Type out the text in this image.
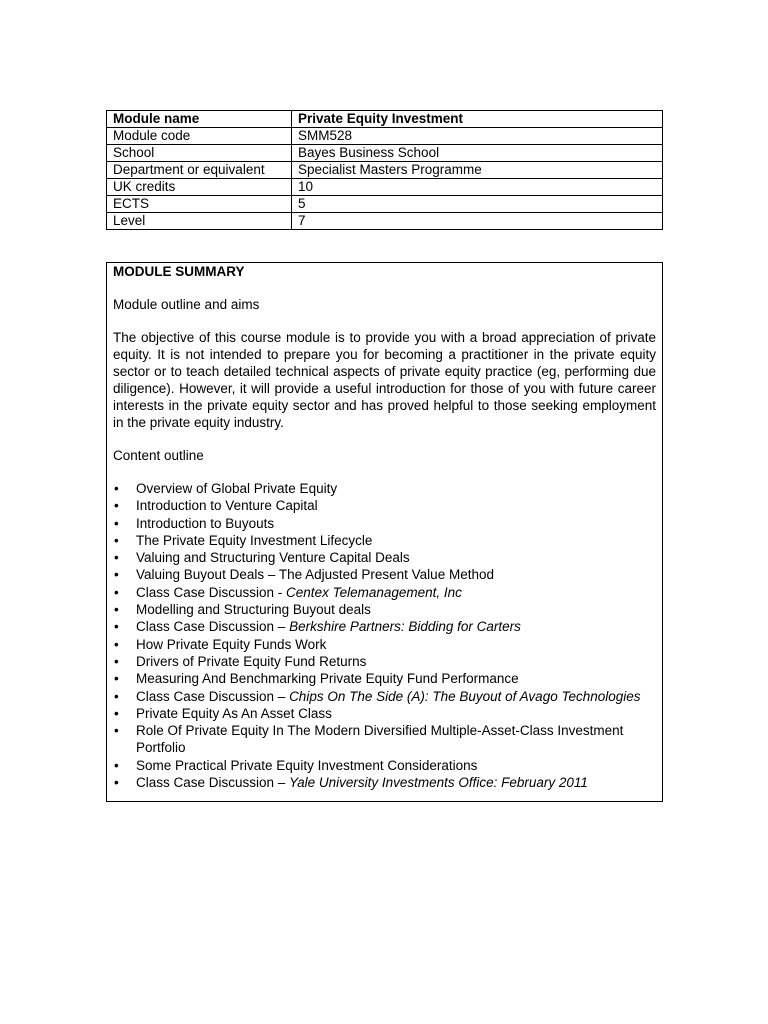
Module name	Private Equity Investment
Module code	SMM528
School	Bayes Business School
Department or equivalent	Specialist Masters Programme
UK credits	10
ECTS	5
Level	7

MODULE SUMMARY

Module outline and aims

The objective of this course module is to provide you with a broad appreciation of private equity. It is not intended to prepare you for becoming a practitioner in the private equity sector or to teach detailed technical aspects of private equity practice (eg, performing due diligence). However, it will provide a useful introduction for those of you with future career interests in the private equity sector and has proved helpful to those seeking employment in the private equity industry.

Content outline

• Overview of Global Private Equity
• Introduction to Venture Capital
• Introduction to Buyouts
• The Private Equity Investment Lifecycle
• Valuing and Structuring Venture Capital Deals
• Valuing Buyout Deals – The Adjusted Present Value Method
• Class Case Discussion - Centex Telemanagement, Inc
• Modelling and Structuring Buyout deals
• Class Case Discussion – Berkshire Partners: Bidding for Carters
• How Private Equity Funds Work
• Drivers of Private Equity Fund Returns
• Measuring And Benchmarking Private Equity Fund Performance
• Class Case Discussion – Chips On The Side (A): The Buyout of Avago Technologies
• Private Equity As An Asset Class
• Role Of Private Equity In The Modern Diversified Multiple-Asset-Class Investment Portfolio
• Some Practical Private Equity Investment Considerations
• Class Case Discussion – Yale University Investments Office: February 2011
